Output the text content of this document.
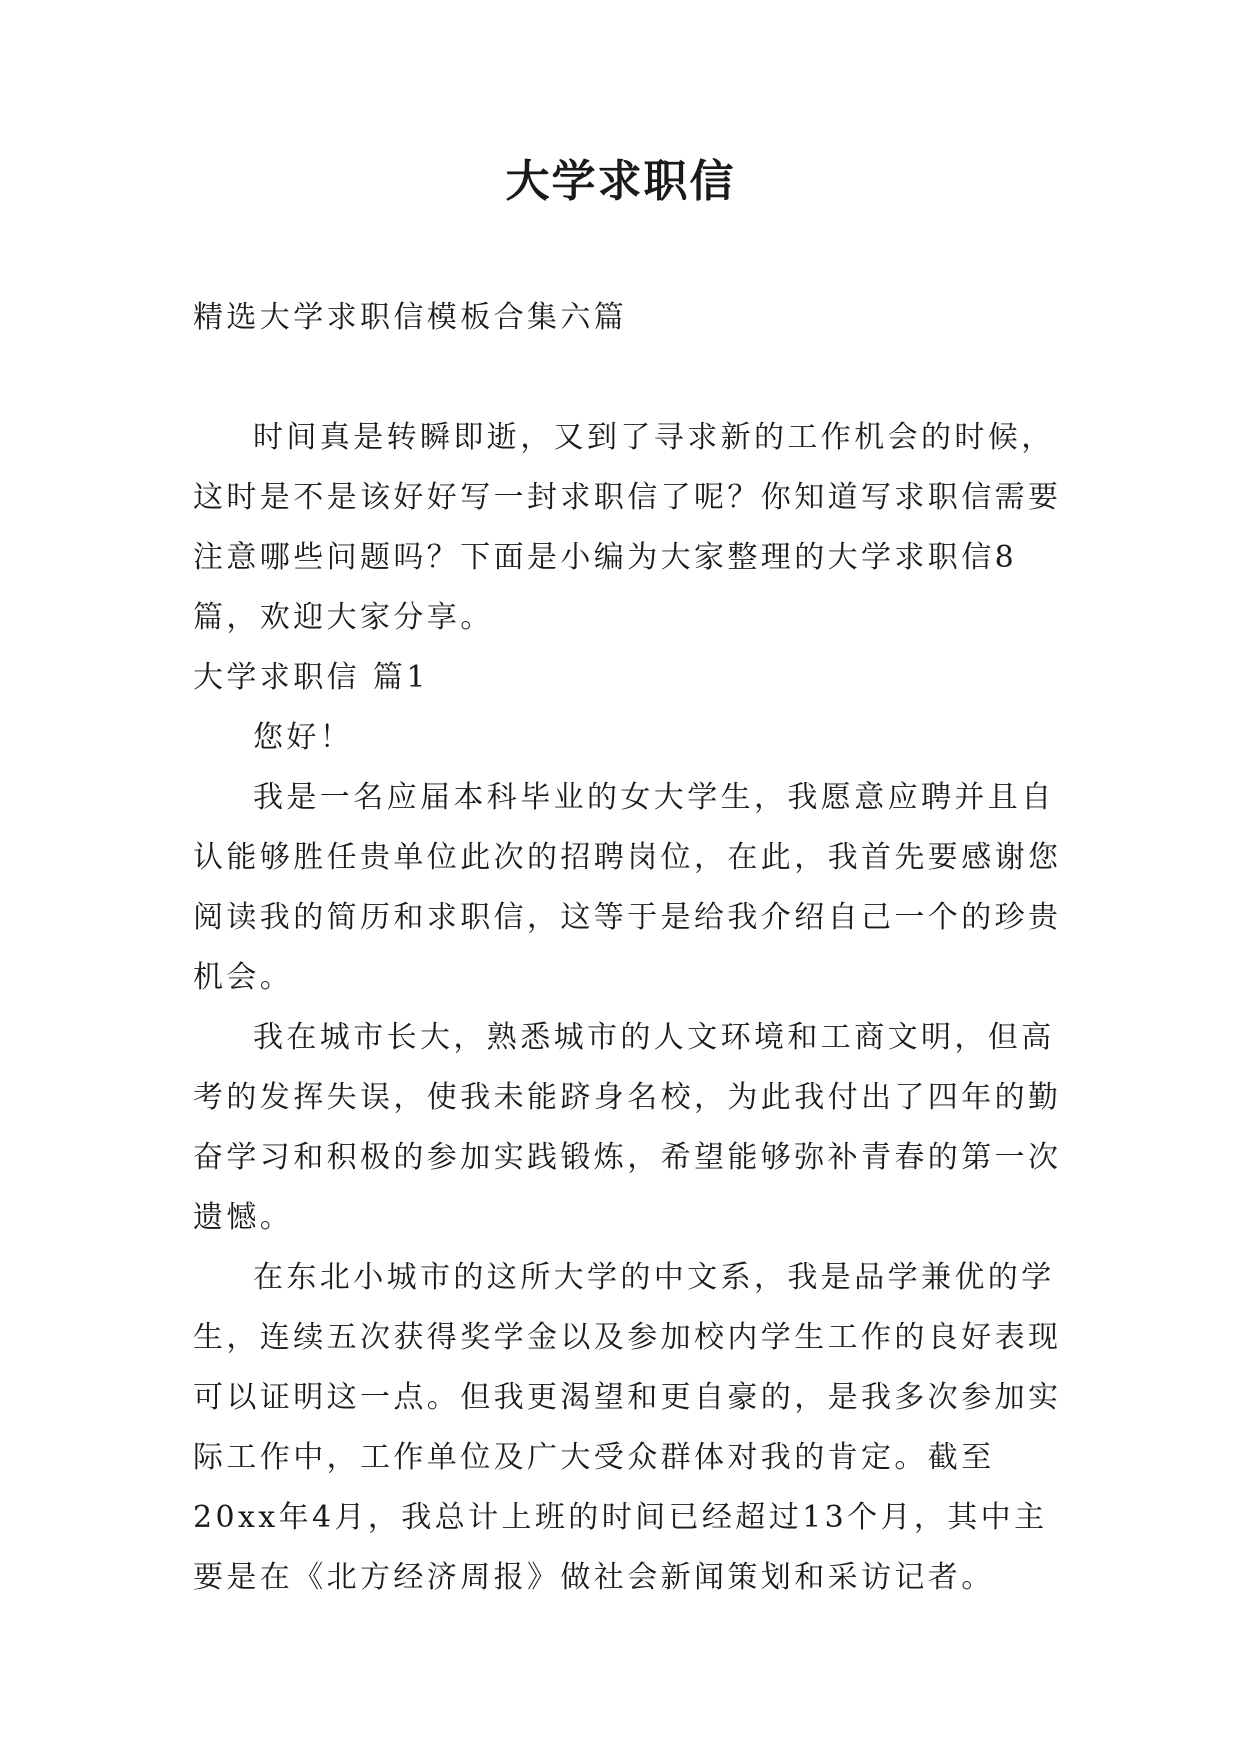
大学求职信

精选大学求职信模板合集六篇

时间真是转瞬即逝，又到了寻求新的工作机会的时候，这时是不是该好好写一封求职信了呢？你知道写求职信需要注意哪些问题吗？下面是小编为大家整理的大学求职信8篇，欢迎大家分享。

大学求职信 篇1

您好！

我是一名应届本科毕业的女大学生，我愿意应聘并且自认能够胜任贵单位此次的招聘岗位，在此，我首先要感谢您阅读我的简历和求职信，这等于是给我介绍自己一个的珍贵机会。

我在城市长大，熟悉城市的人文环境和工商文明，但高考的发挥失误，使我未能跻身名校，为此我付出了四年的勤奋学习和积极的参加实践锻炼，希望能够弥补青春的第一次遗憾。

在东北小城市的这所大学的中文系，我是品学兼优的学生，连续五次获得奖学金以及参加校内学生工作的良好表现可以证明这一点。但我更渴望和更自豪的，是我多次参加实际工作中，工作单位及广大受众群体对我的肯定。截至20xx年4月，我总计上班的时间已经超过13个月，其中主要是在《北方经济周报》做社会新闻策划和采访记者。
